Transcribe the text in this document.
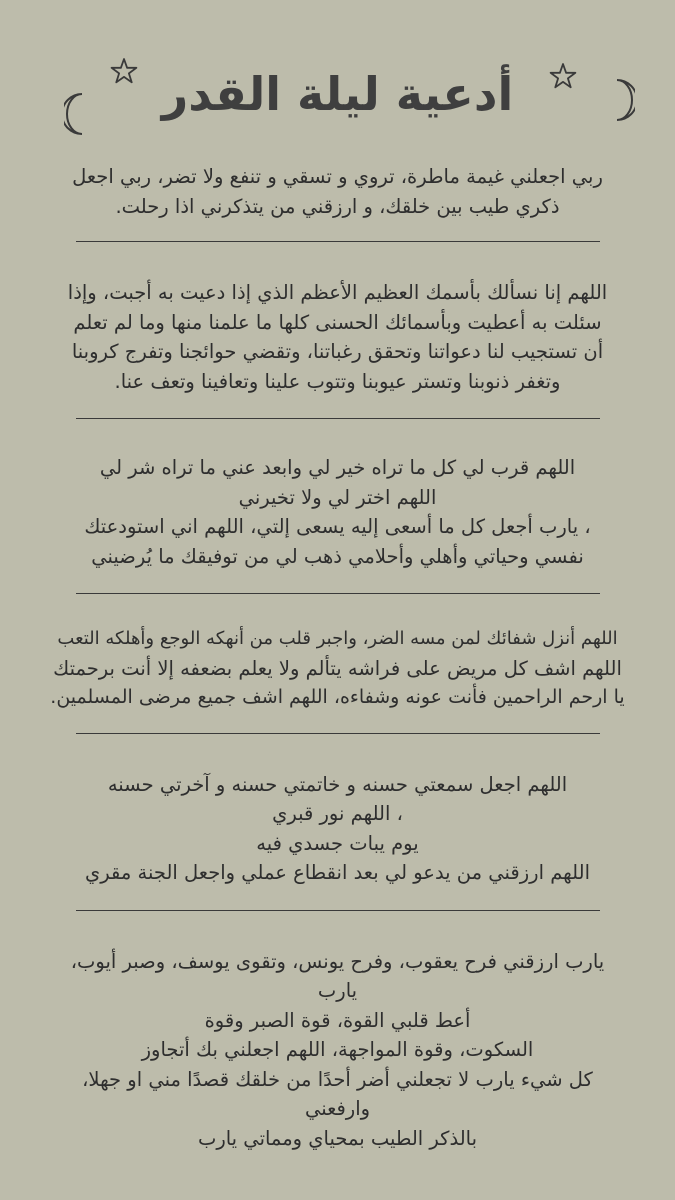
أدعية ليلة القدر

ربي اجعلني غيمة ماطرة، تروي و تسقي و تنفع ولا تضر، ربي اجعل

ذكري طيب بين خلقك، و ارزقني من يتذكرني اذا رحلت.

اللهم إنا نسألك بأسمك العظيم الأعظم الذي إذا دعيت به أجبت، وإذا

سئلت به أعطيت وبأسمائك الحسنى كلها ما علمنا منها وما لم تعلم

أن تستجيب لنا دعواتنا وتحقق رغباتنا، وتقضي حوائجنا وتفرج كروبنا

وتغفر ذنوبنا وتستر عيوبنا وتتوب علينا وتعافينا وتعف عنا.

اللهم قرب لي كل ما تراه خير لي وابعد عني ما تراه شر لي

اللهم اختر لي ولا تخيرني

، يارب أجعل كل ما أسعى إليه يسعى إلتي، اللهم اني استودعتك

نفسي وحياتي وأهلي وأحلامي ذهب لي من توفيقك ما يُرضيني

اللهم أنزل شفائك لمن مسه الضر، واجبر قلب من أنهكه الوجع وأهلكه التعب

اللهم اشف كل مريض على فراشه يتألم ولا يعلم بضعفه إلا أنت برحمتك

يا ارحم الراحمين فأنت عونه وشفاءه، اللهم اشف جميع مرضى المسلمين.

اللهم اجعل سمعتي حسنه و خاتمتي حسنه و آخرتي حسنه

، اللهم نور قبري

يوم يبات جسدي فيه

اللهم ارزقني من يدعو لي بعد انقطاع عملي واجعل الجنة مقري

يارب ارزقني فرح يعقوب، وفرح يونس، وتقوى يوسف، وصبر أيوب،

يارب

أعط قلبي القوة، قوة الصبر وقوة

السكوت، وقوة المواجهة، اللهم اجعلني بك أتجاوز

كل شيء يارب لا تجعلني أضر أحدًا من خلقك قصدًا مني او جهلا،

وارفعني

بالذكر الطيب بمحياي ومماتي يارب
